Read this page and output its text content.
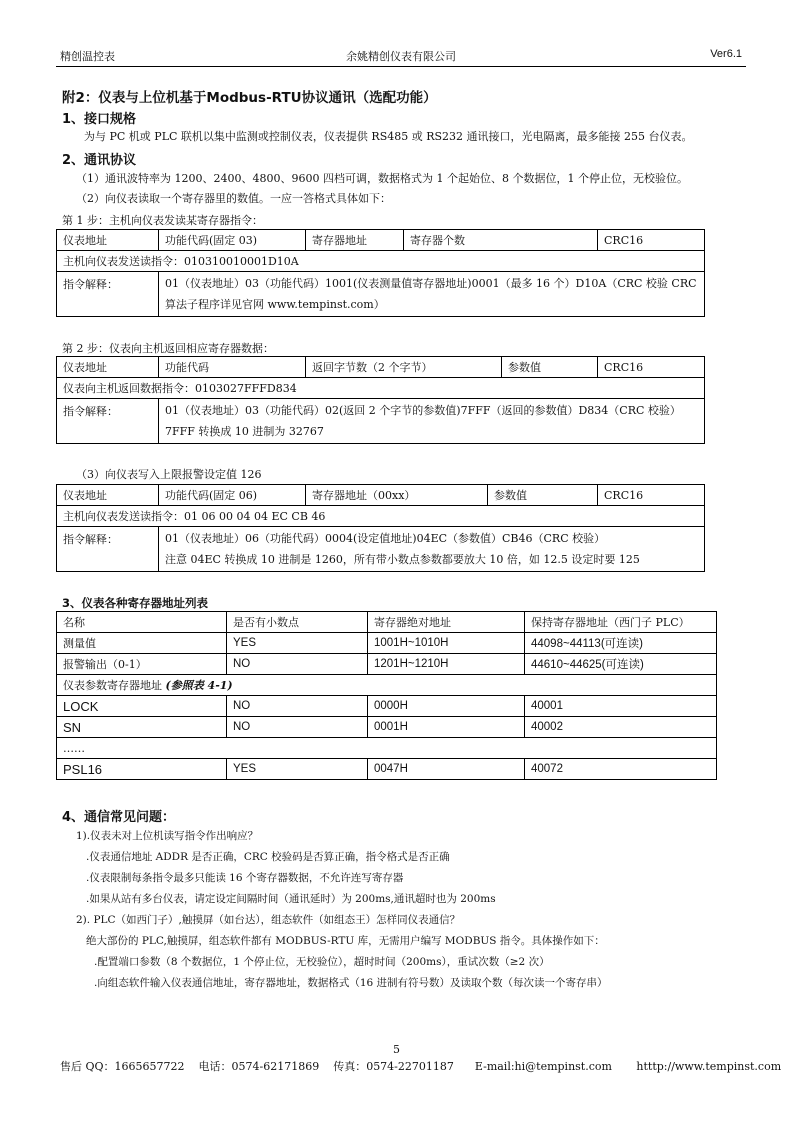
精创温控表	余姚精创仪表有限公司	Ver6.1
附2：仪表与上位机基于Modbus-RTU协议通讯（选配功能）
1、接口规格
为与 PC 机或 PLC 联机以集中监测或控制仪表，仪表提供 RS485 或 RS232 通讯接口，光电隔离，最多能接 255 台仪表。
2、通讯协议
（1）通讯波特率为 1200、2400、4800、9600 四档可调，数据格式为 1 个起始位、8 个数据位，1 个停止位，无校验位。
（2）向仪表读取一个寄存器里的数值。一应一答格式具体如下：
第 1 步：主机向仪表发读某寄存器指令：
仪表地址	功能代码(固定 03)	寄存器地址	寄存器个数	CRC16
主机向仪表发送读指令：010310010001D10A				
指令解释：	01（仪表地址）03（功能代码）1001(仪表测量值寄存器地址)0001（最多 16 个）D10A（CRC 校验 CRC
算法子程序详见官网 www.tempinst.com）			
第 2 步：仪表向主机返回相应寄存器数据：
仪表地址	功能代码	返回字节数（2 个字节）	参数值	CRC16
仪表向主机返回数据指令：0103027FFFD834				
指令解释：	01（仪表地址）03（功能代码）02(返回 2 个字节的参数值)7FFF（返回的参数值）D834（CRC 校验）
7FFF 转换成 10 进制为 32767			
（3）向仪表写入上限报警设定值 126
仪表地址	功能代码(固定 06)	寄存器地址（00xx）	参数值	CRC16
主机向仪表发送读指令：01 06 00 04 04 EC CB 46				
指令解释：	01（仪表地址）06（功能代码）0004(设定值地址)04EC（参数值）CB46（CRC 校验）
注意 04EC 转换成 10 进制是 1260，所有带小数点参数都要放大 10 倍，如 12.5 设定时要 125			
3、仪表各种寄存器地址列表
名称	是否有小数点	寄存器绝对地址	保持寄存器地址（西门子 PLC）
测量值	YES	1001H~1010H	44098~44113(可连读)
报警输出（0-1）	NO	1201H~1210H	44610~44625(可连读)
仪表参数寄存器地址 (参照表 4-1)			
LOCK	NO	0000H	40001
SN	NO	0001H	40002
……			
PSL16	YES	0047H	40072
4、通信常见问题：
1).仪表未对上位机读写指令作出响应？
.仪表通信地址 ADDR 是否正确，CRC 校验码是否算正确，指令格式是否正确
.仪表限制每条指令最多只能读 16 个寄存器数据，不允许连写寄存器
.如果从站有多台仪表，请定设定间隔时间（通讯延时）为 200ms,通讯超时也为 200ms
2). PLC（如西门子）,触摸屏（如台达），组态软件（如组态王）怎样同仪表通信？
绝大部份的 PLC,触摸屏，组态软件都有 MODBUS-RTU 库，无需用户编写 MODBUS 指令。具体操作如下：
.配置端口参数（8 个数据位，1 个停止位，无校验位），超时时间（200ms），重试次数（≥2 次）
.向组态软件输入仪表通信地址，寄存器地址，数据格式（16 进制有符号数）及读取个数（每次读一个寄存串）
5
售后 QQ：1665657722    电话：0574-62171869    传真：0574-22701187      E-mail:hi@tempinst.com       htttp://www.tempinst.com
